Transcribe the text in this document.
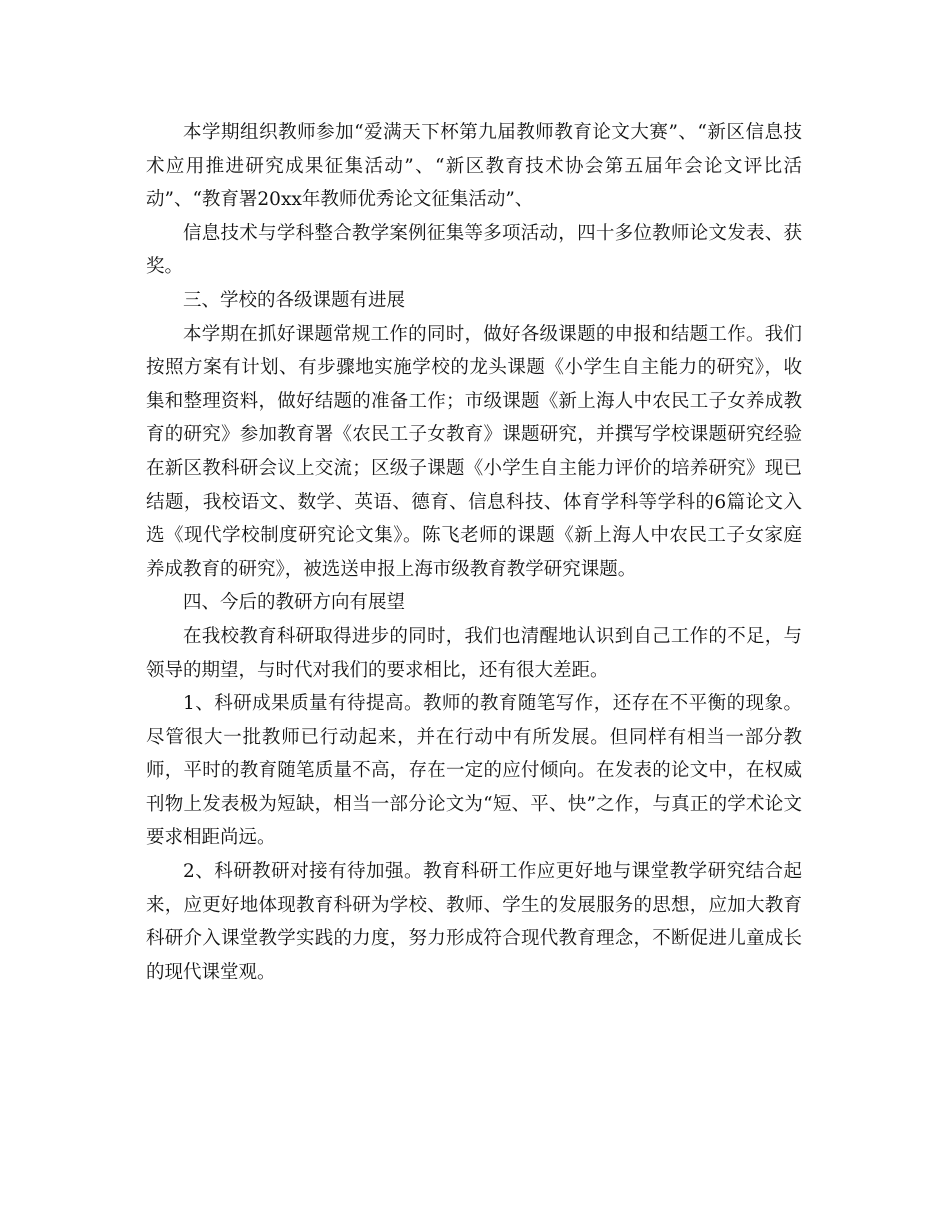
本学期组织教师参加“爱满天下杯第九届教师教育论文大赛”、“新区信息技术应用推进研究成果征集活动”、“新区教育技术协会第五届年会论文评比活动”、“教育署20xx年教师优秀论文征集活动”、

信息技术与学科整合教学案例征集等多项活动，四十多位教师论文发表、获奖。

三、学校的各级课题有进展

本学期在抓好课题常规工作的同时，做好各级课题的申报和结题工作。我们按照方案有计划、有步骤地实施学校的龙头课题《小学生自主能力的研究》，收集和整理资料，做好结题的准备工作；市级课题《新上海人中农民工子女养成教育的研究》参加教育署《农民工子女教育》课题研究，并撰写学校课题研究经验在新区教科研会议上交流；区级子课题《小学生自主能力评价的培养研究》现已结题，我校语文、数学、英语、德育、信息科技、体育学科等学科的6篇论文入选《现代学校制度研究论文集》。陈飞老师的课题《新上海人中农民工子女家庭养成教育的研究》，被选送申报上海市级教育教学研究课题。

四、今后的教研方向有展望

在我校教育科研取得进步的同时，我们也清醒地认识到自己工作的不足，与领导的期望，与时代对我们的要求相比，还有很大差距。

1、科研成果质量有待提高。教师的教育随笔写作，还存在不平衡的现象。尽管很大一批教师已行动起来，并在行动中有所发展。但同样有相当一部分教师，平时的教育随笔质量不高，存在一定的应付倾向。在发表的论文中，在权威刊物上发表极为短缺，相当一部分论文为“短、平、快”之作，与真正的学术论文要求相距尚远。

2、科研教研对接有待加强。教育科研工作应更好地与课堂教学研究结合起来，应更好地体现教育科研为学校、教师、学生的发展服务的思想，应加大教育科研介入课堂教学实践的力度，努力形成符合现代教育理念，不断促进儿童成长的现代课堂观。
